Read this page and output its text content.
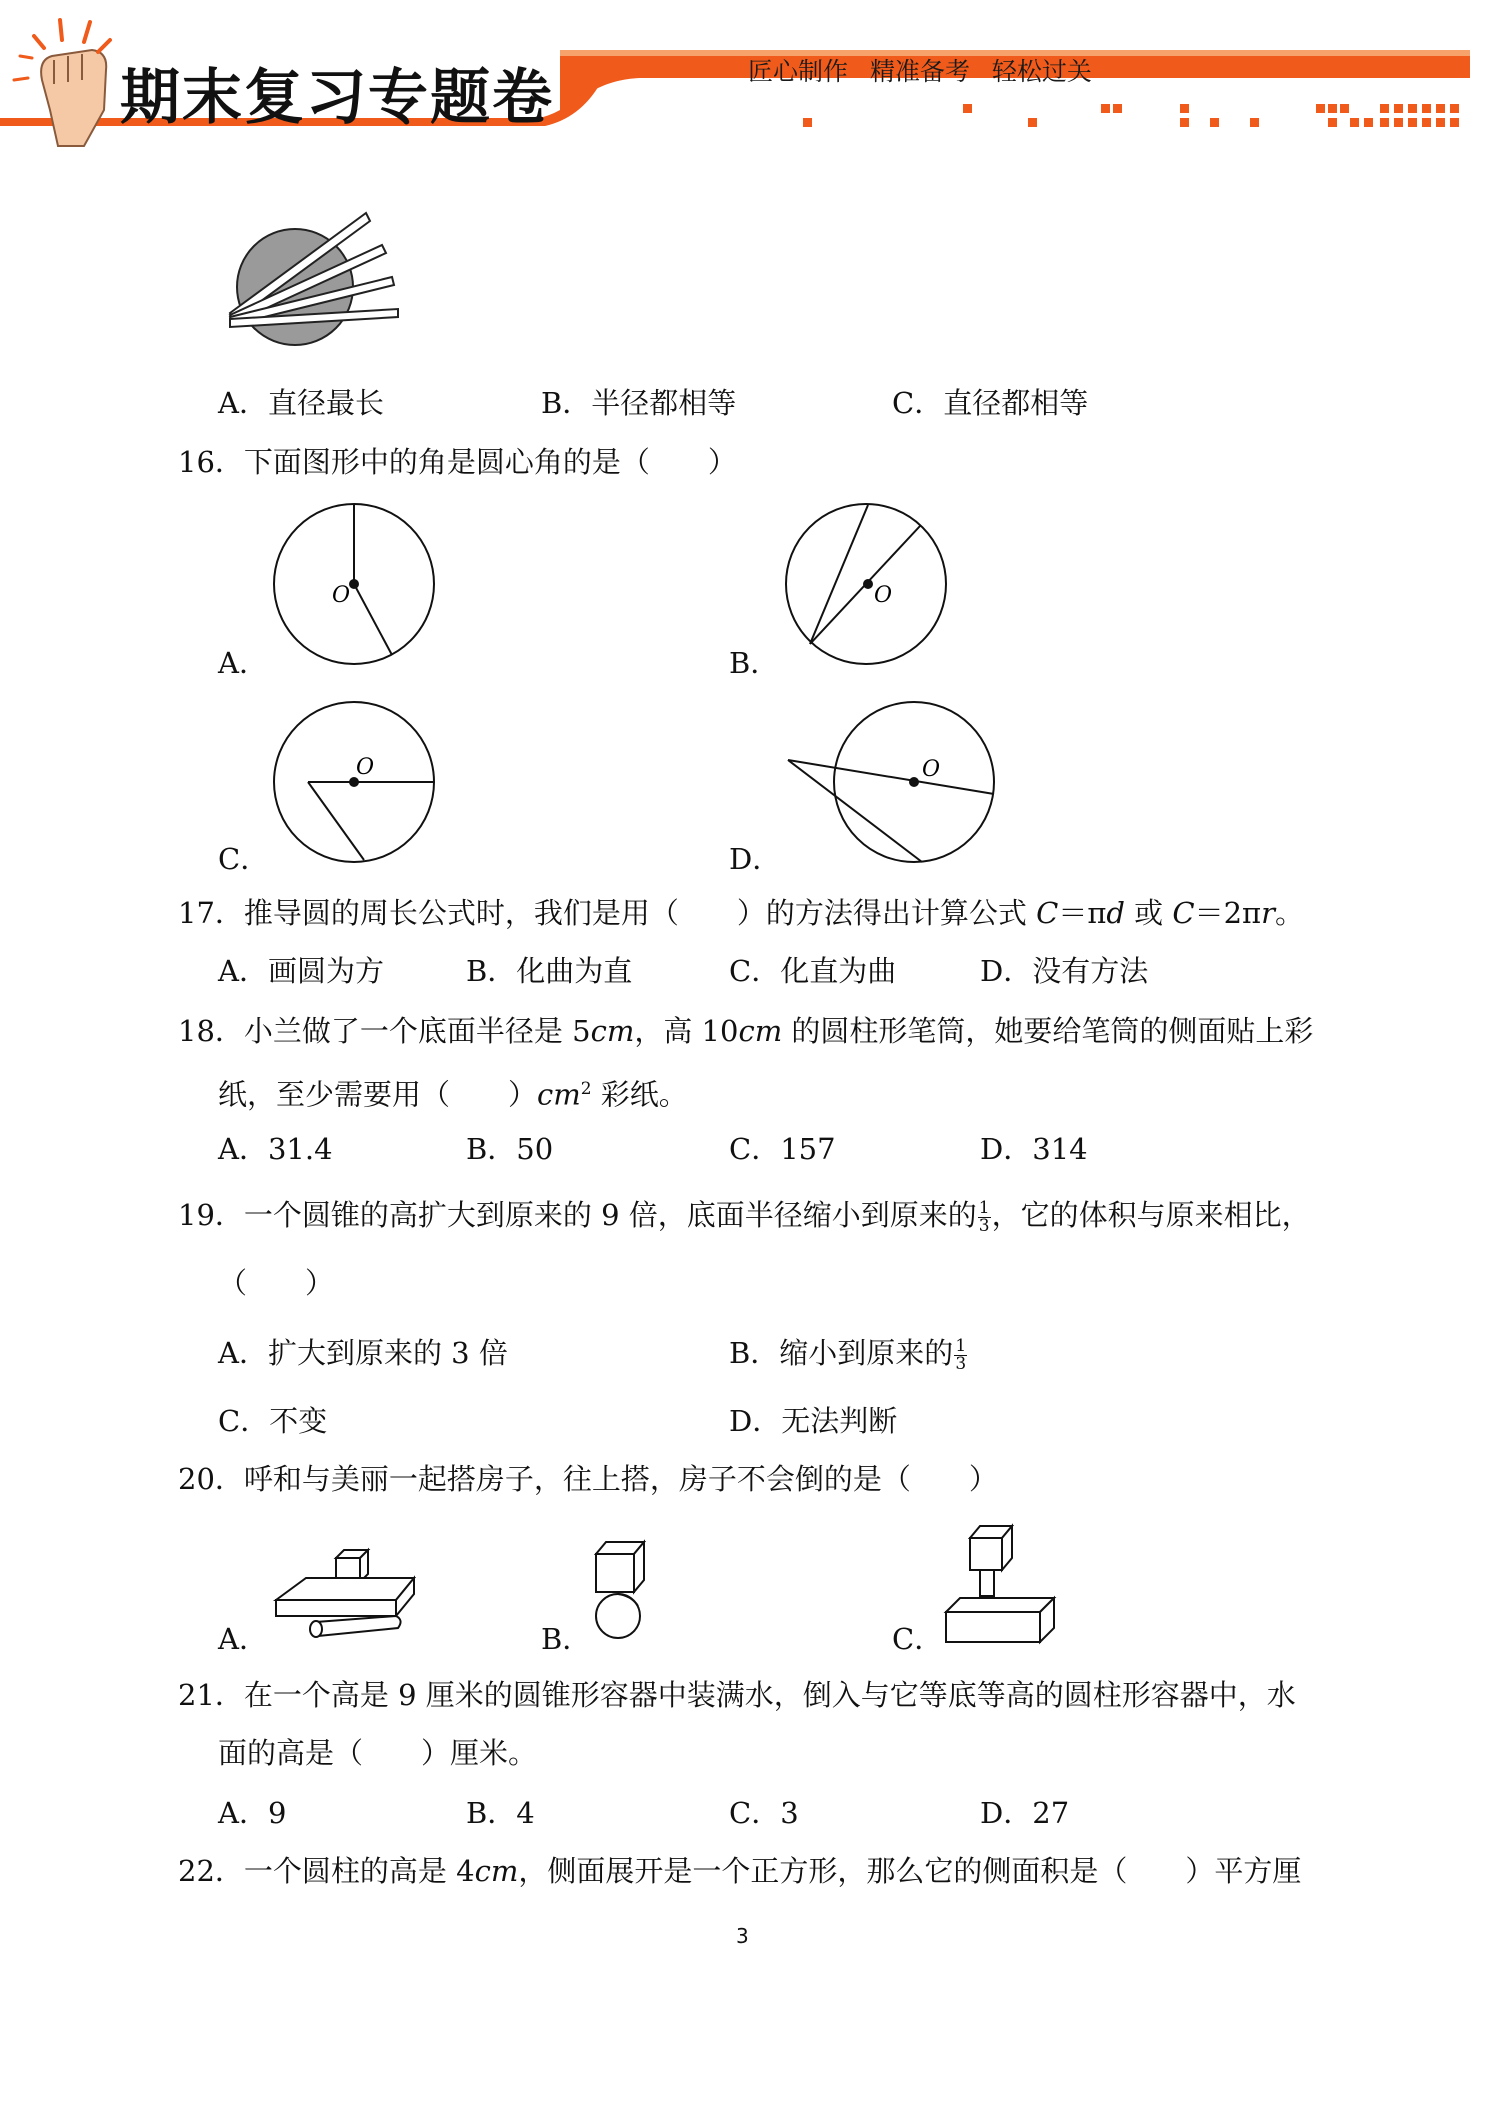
期末复习专题卷	匠心制作 精准备考 轻松过关
A．直径最长	B．半径都相等	C．直径都相等
16．下面图形中的角是圆心角的是（　　）
O
A．
O
B．
O
C．
O
D．
17．推导圆的周长公式时，我们是用（　　）的方法得出计算公式 C＝πd 或 C＝2πr。
A．画圆为方	B．化曲为直	C．化直为曲	D．没有方法
18．小兰做了一个底面半径是 5cm，高 10cm 的圆柱形笔筒，她要给笔筒的侧面贴上彩
纸，至少需要用（　　）$cm^2$ 彩纸。
A．31.4	B．50	C．157	D．314
19．一个圆锥的高扩大到原来的 9 倍，底面半径缩小到原来的 $\frac{1}{3}$ ，它的体积与原来相比，
（　　）
A．扩大到原来的 3 倍	B．缩小到原来的 $\frac{1}{3}$
C．不变	D．无法判断
20．呼和与美丽一起搭房子，往上搭，房子不会倒的是（　　）
A．	B．	C．
21．在一个高是 9 厘米的圆锥形容器中装满水，倒入与它等底等高的圆柱形容器中，水
面的高是（　　）厘米。
A．9	B．4	C．3	D．27
22．一个圆柱的高是 4cm，侧面展开是一个正方形，那么它的侧面积是（　　）平方厘
3
